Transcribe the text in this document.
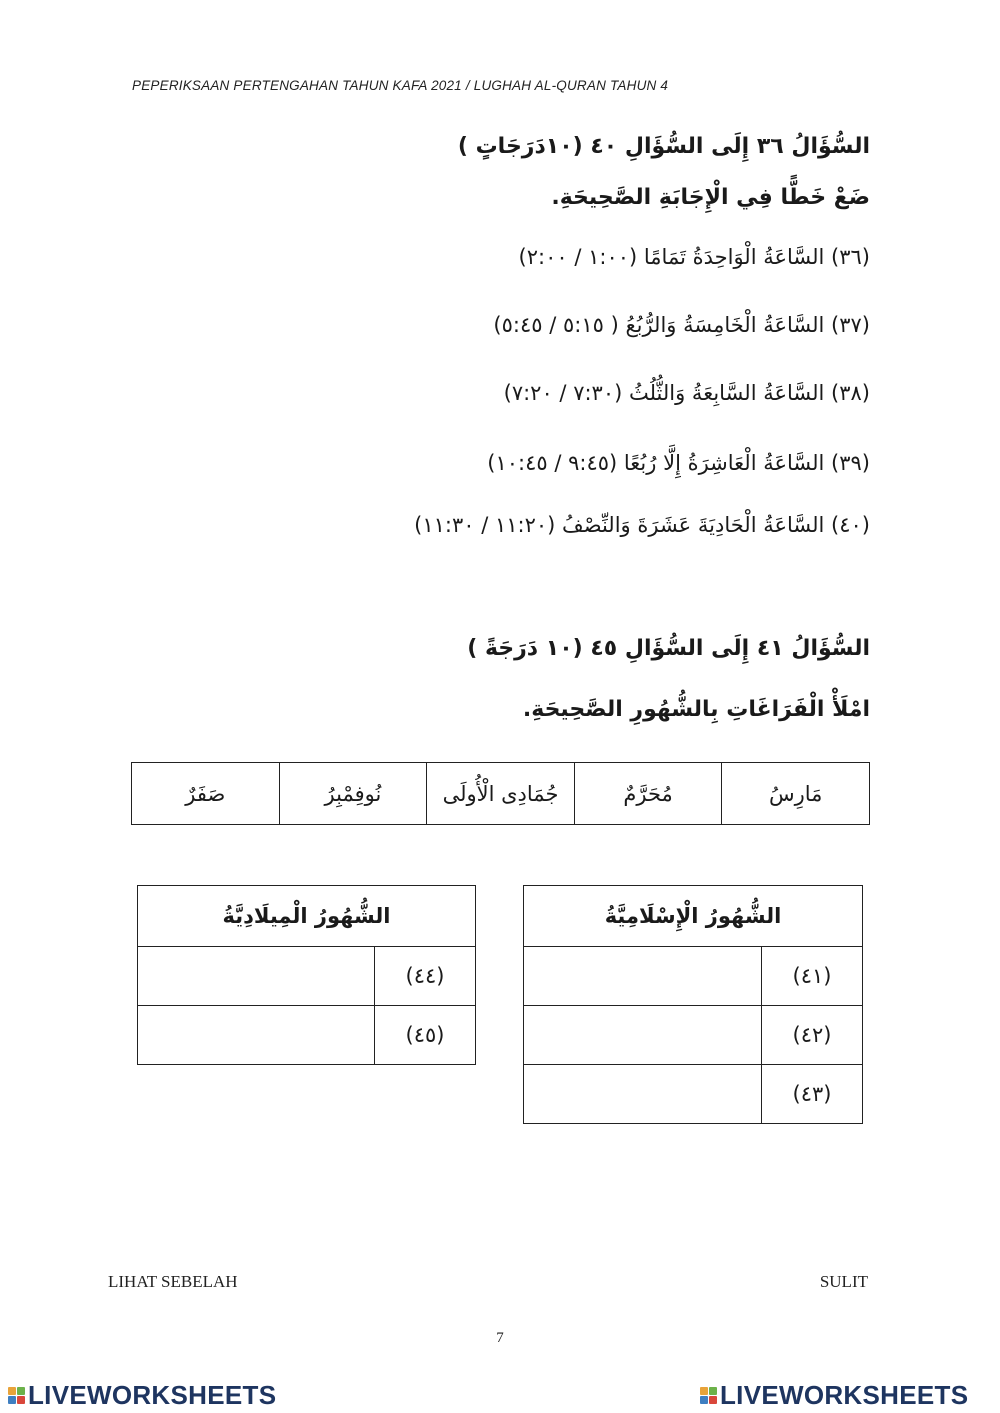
PEPERIKSAAN PERTENGAHAN TAHUN KAFA 2021 / LUGHAH AL-QURAN TAHUN 4
السُّؤَالُ ٣٦ إِلَى السُّؤَالِ ٤٠ (١٠دَرَجَاتٍ )
ضَعْ خَطًّا فِي الْإِجَابَةِ الصَّحِيحَةِ.
(٣٦) السَّاعَةُ الْوَاحِدَةُ تَمَامًا (١:٠٠ / ٢:٠٠)
(٣٧) السَّاعَةُ الْخَامِسَةُ وَالرُّبُعُ ( ٥:١٥ / ٥:٤٥)
(٣٨) السَّاعَةُ السَّابِعَةُ وَالثُّلُثُ (٧:٣٠ / ٧:٢٠)
(٣٩) السَّاعَةُ الْعَاشِرَةُ إِلَّا رُبُعًا (٩:٤٥ / ١٠:٤٥)
(٤٠) السَّاعَةُ الْحَادِيَةَ عَشَرَةَ وَالنِّصْفُ (١١:٢٠ / ١١:٣٠)
السُّؤَالُ ٤١ إِلَى السُّؤَالِ ٤٥ (١٠ دَرَجَةً )
امْلَأْ الْفَرَاغَاتِ بِالشُّهُورِ الصَّحِيحَةِ.
مَارِسُ	مُحَرَّمٌ	جُمَادِى الْأُولَى	نُوفِمْبِرُ	صَفَرٌ
الشُّهُورُ الْإِسْلَامِيَّةُ	
(٤١)	
(٤٢)	
(٤٣)	
الشُّهُورُ الْمِيلَادِيَّةُ	
(٤٤)	
(٤٥)	
LIHAT SEBELAH	SULIT
7
LIVEWORKSHEETS	LIVEWORKSHEETS
